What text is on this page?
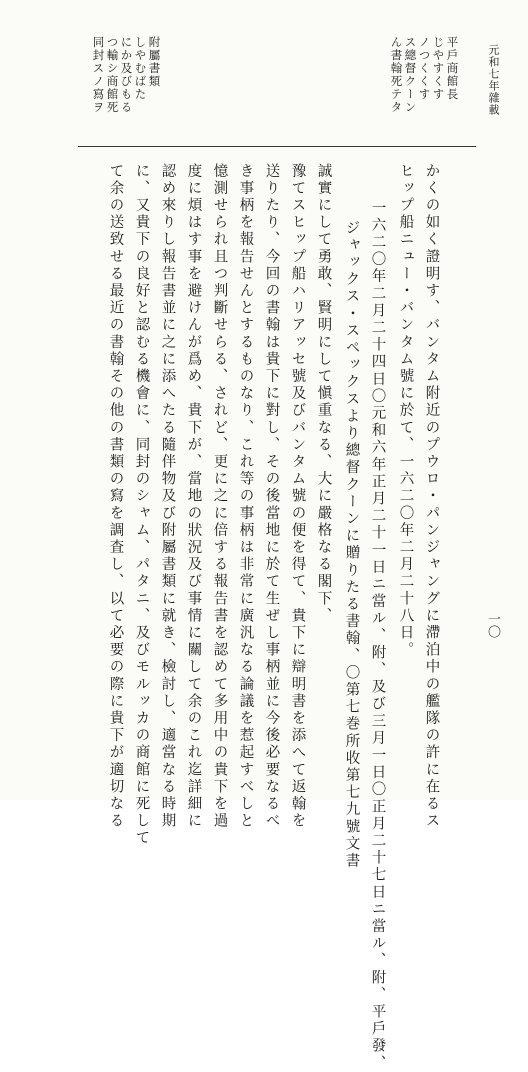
元和七年雜載
一〇
平戶商館長
じやすくす
ノつくくす
ス總督クーン
ん書翰死テタ
附屬書類
しやむばた
にか及びもる
つ輸シ商館死
同封スノ寫ヲ
かくの如く證明す、バンタム附近のプウロ・パンジャングに滯泊中の艦隊の許に在るス
ヒップ船ニュー・バンタム號に於て、一六二〇年二月二十八日。
一六二〇年二月二十四日〇元和六年正月二十一日ニ當ル、附、及び三月一日〇正月二十七日ニ當ル、附、平戶發、
ジャックス・スペックスより總督クーンに贈りたる書翰、〇第七巻所收第七九號文書
誠實にして勇敢、賢明にして愼重なる、大に嚴格なる閣下、
豫てスヒップ船ハリアッセ號及びバンタム號の便を得て、貴下に辯明書を添へて返翰を
送りたり、今回の書翰は貴下に對し、その後當地に於て生ぜし事柄並に今後必要なるべ
き事柄を報告せんとするものなり、これ等の事柄は非常に廣汎なる論議を惹起すべしと
憶測せられ且つ判斷せらる、されど、更に之に倍する報告書を認めて多用中の貴下を過
度に煩はす事を避けんが爲め、貴下が、當地の狀況及び事情に關して余のこれ迄詳細に
認め來りし報告書並に之に添へたる隨伴物及び附屬書類に就き、檢討し、適當なる時期
に、又貴下の良好と認むる機會に、同封のシャム、パタニ、及びモルッカの商館に死して
て余の送致せる最近の書翰その他の書類の寫を調査し、以て必要の際に貴下が適切なる
